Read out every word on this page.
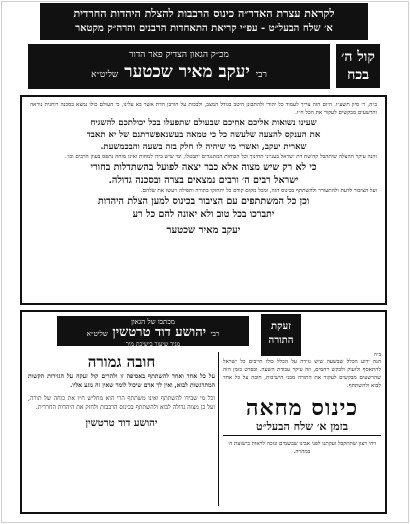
לקראת עצרת האדר״ה כינוס הרבבות להצלת היהדות החרדית
א׳ שלח הבעל״ט - עפ״י קריאת התאחדות הרבנים והרה״ק מקטאר
קול ה׳ בכח
מכ״ק הגאון הצדיק פאר הדור
רבי יעקב מאיר שכטער שליט״א
ב״ה, ר׳ סיון תשע״ו. היום הזה צריך לעמוד כל יהודי ולהתבונן היטב בגודל המצב, ולבכות על חורבן הדת אשר בא עלינו, כי העולם כולו נמצא בסכנה רוחנית נוראה והרשעים מבקשים לעקור את הכל ח״ו.
שעינו נשואות אליכם אחיכם שבעולם שתפעלו בכל יכולתכם להשגיח
את הענקס להצעה שלעשה כל כי טמאה בעשנאפשרתנם של יא תאבד
שארית יעקב, ואשרי מי שיהיה לו חלק בזה בשעה והבכמשעת.
והנה עיקר ההצלה שיתהבל קדושת דת ישראל בענייני החינוך וכל הכוחות המתנגדים יתבטלו, ומי שיש בידו למחות ואינו מוחה נתפס בעוון הרבים וכו׳.
כי לא רק שיש מצוה אלא כבר יצאה לפועל בהשתדלות בחורי
ישראל רבים ה׳ ורבים נמצאים בצרה ובסכנה גדולה.
ועל הציבור לדעת ולהתעורר ולהשתתף בכינוס הזה, ומכל מקום קודם כל יתחזקו בתורה ותפילה ויעשו את שלהם.
וכן כל המשתתפים עם הציבור בכינוס למען הצלת היהדות
יתברכו בכל טוב ולא יאונה להם כל רע
יעקב מאיר שכטער
זעקת התורה
מכתבו של הגאון
רבי יהושע דוד טרטשין שליט״א
מגיד שיעור בישיבת מיר
חובה גמורה
על כל אחד ואחד להשתתף באסיפה זו ולהרים קול זעקה על הגזירות הקשות המתרגשות לבוא, ואין לך אדם שיכול לומר שאין זה נוגע אליו.
וכל מי שבידו להשתתף ואינו משתתף הרי הוא מחליש ח״ו את כוחה של תורה, ועל כן מצוה גדולה לבוא ולהשתתף בכינוס הרבבות ולחזק את היהדות החרדית.
יהושע דוד טרטשין
ב״ה
הנה ידוע הכלל שבשעה שיש גזירה על הכלל כולו חייבים כל ישראל להתאסף ולזעוק ולבקש רחמים, וזה עיקר עבודת השעה. ובפרט בזמן הזה שהרשעים מבקשים לעקור את התורה מבני הישיבות, חובה על כל אחד לבוא ולהשתתף.
כינוס מחאה
בזמן א׳ שלח הבעל״ט
ויהי רצון שתתקבל זעקתנו לפני אבינו שבשמים ונזכה לראות בישועת ה׳ במהרה.
